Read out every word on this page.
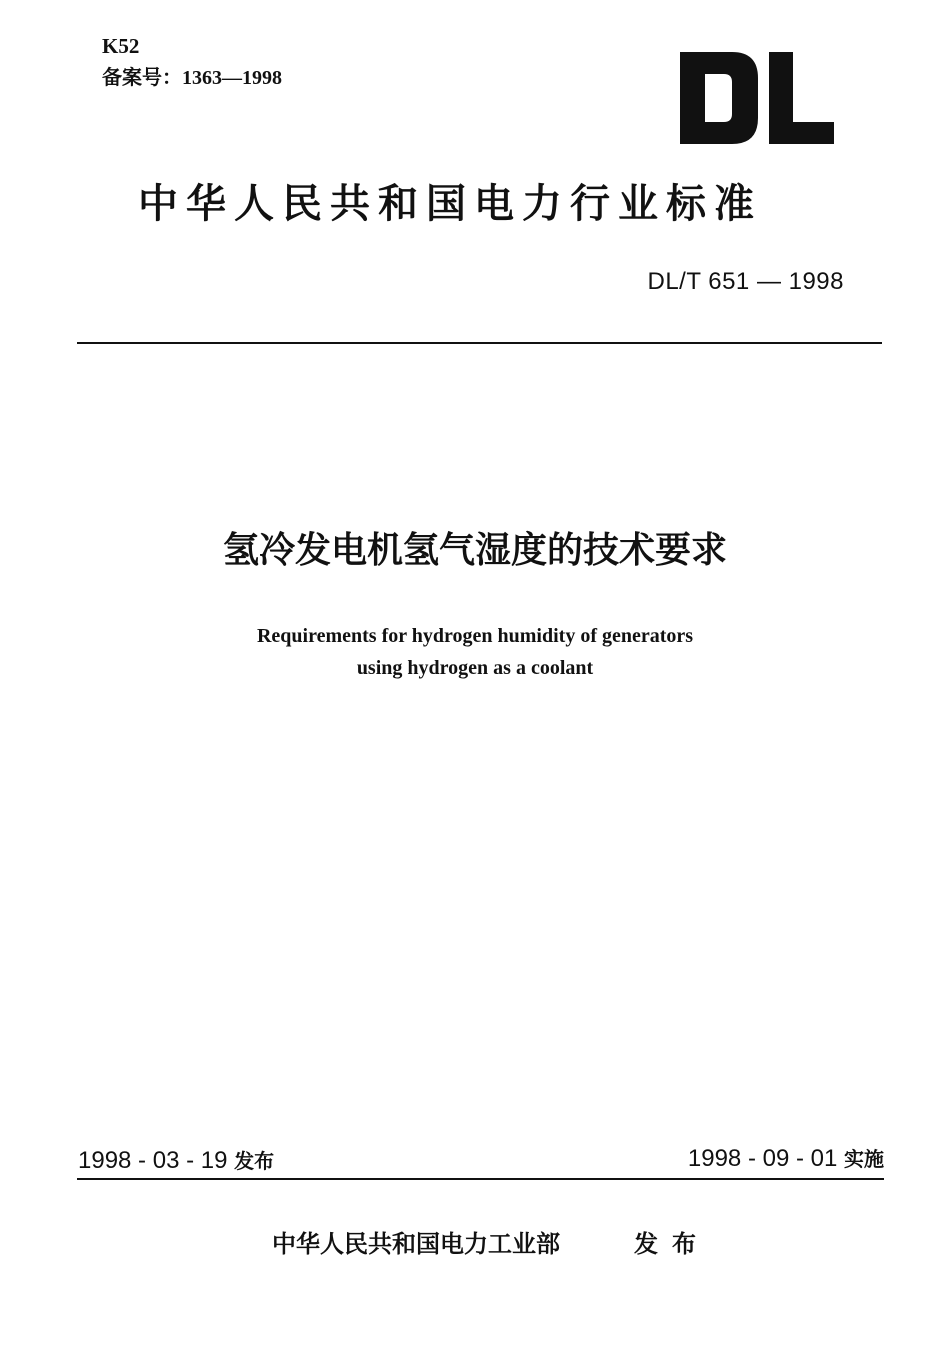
K52
备案号：1363—1998
中华人民共和国电力行业标准
DL/T 651 — 1998
氢冷发电机氢气湿度的技术要求
Requirements for hydrogen humidity of generators
using hydrogen as a coolant
1998 - 03 - 19 发布	1998 - 09 - 01 实施
中华人民共和国电力工业部	发布
